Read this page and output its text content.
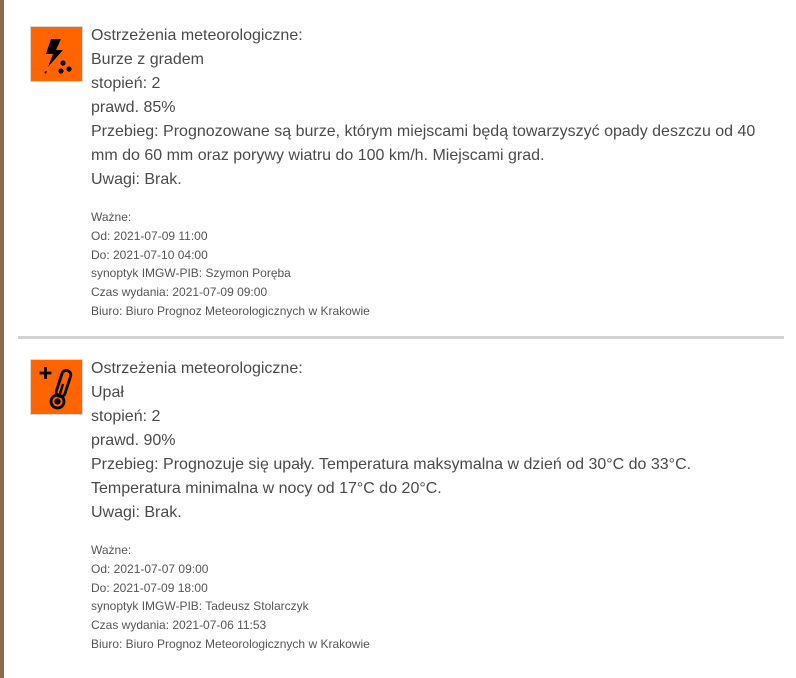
Ostrzeżenia meteorologiczne:
Burze z gradem
stopień: 2
prawd. 85%
Przebieg: Prognozowane są burze, którym miejscami będą towarzyszyć opady deszczu od 40 mm do 60 mm oraz porywy wiatru do 100 km/h. Miejscami grad.
Uwagi: Brak.
Ważne:
Od: 2021-07-09 11:00
Do: 2021-07-10 04:00
synoptyk IMGW-PIB: Szymon Poręba
Czas wydania: 2021-07-09 09:00
Biuro: Biuro Prognoz Meteorologicznych w Krakowie
Ostrzeżenia meteorologiczne:
Upał
stopień: 2
prawd. 90%
Przebieg: Prognozuje się upały. Temperatura maksymalna w dzień od 30°C do 33°C. Temperatura minimalna w nocy od 17°C do 20°C.
Uwagi: Brak.
Ważne:
Od: 2021-07-07 09:00
Do: 2021-07-09 18:00
synoptyk IMGW-PIB: Tadeusz Stolarczyk
Czas wydania: 2021-07-06 11:53
Biuro: Biuro Prognoz Meteorologicznych w Krakowie
